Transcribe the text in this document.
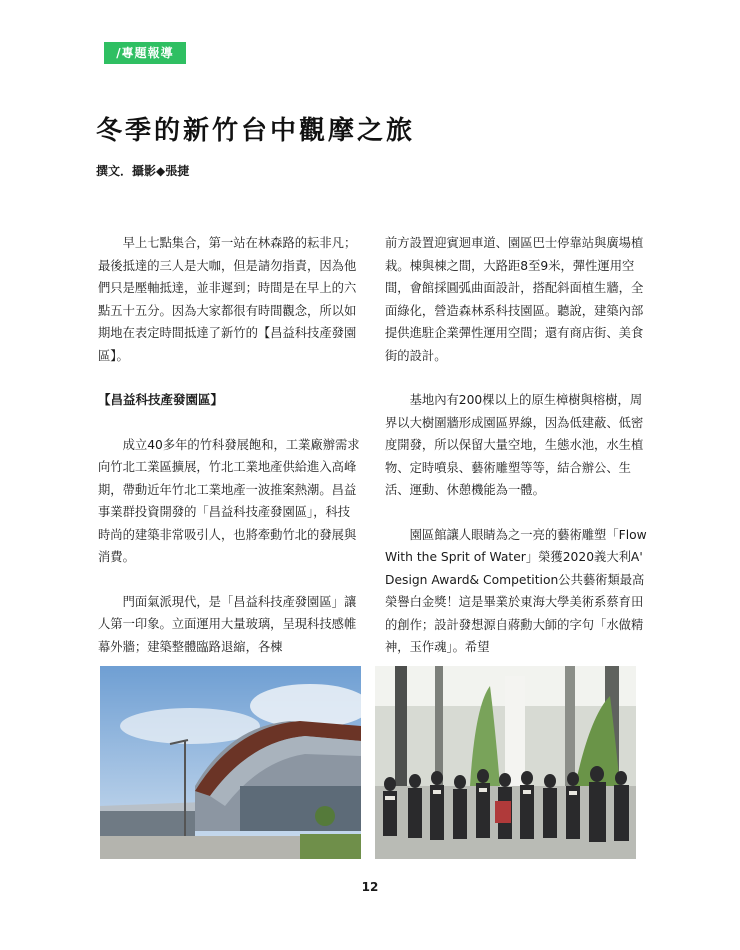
/專題報導
冬季的新竹台中觀摩之旅
撰文．攝影◆張捷

早上七點集合，第一站在林森路的耘非凡；最後抵達的三人是大咖，但是請勿指責，因為他們只是壓軸抵達，並非遲到；時間是在早上的六點五十五分。因為大家都很有時間觀念，所以如期地在表定時間抵達了新竹的【昌益科技產發園區】。

【昌益科技產發園區】

成立40多年的竹科發展飽和，工業廠辦需求向竹北工業區擴展，竹北工業地產供給進入高峰期，帶動近年竹北工業地產一波推案熱潮。昌益事業群投資開發的「昌益科技產發園區」，科技時尚的建築非常吸引人，也將牽動竹北的發展與消費。

門面氣派現代，是「昌益科技產發園區」讓人第一印象。立面運用大量玻璃，呈現科技感帷幕外牆；建築整體臨路退縮，各棟

前方設置迎賓迴車道、園區巴士停靠站與廣場植栽。棟與棟之間，大路距8至9米，彈性運用空間，會館採圓弧曲面設計，搭配斜面植生牆，全面綠化，營造森林系科技園區。聽說，建築內部提供進駐企業彈性運用空間；還有商店街、美食街的設計。

基地內有200棵以上的原生樟樹與榕樹，周界以大樹圍牆形成園區界線，因為低建蔽、低密度開發，所以保留大量空地，生態水池，水生植物、定時噴泉、藝術雕塑等等，結合辦公、生活、運動、休憩機能為一體。

園區館讓人眼睛為之一亮的藝術雕塑「Flow With the Sprit of Water」榮獲2020義大利A' Design Award& Competition公共藝術類最高榮譽白金獎！這是畢業於東海大學美術系蔡育田的創作；設計發想源自蔣勳大師的字句「水做精神，玉作魂」。希望

12
